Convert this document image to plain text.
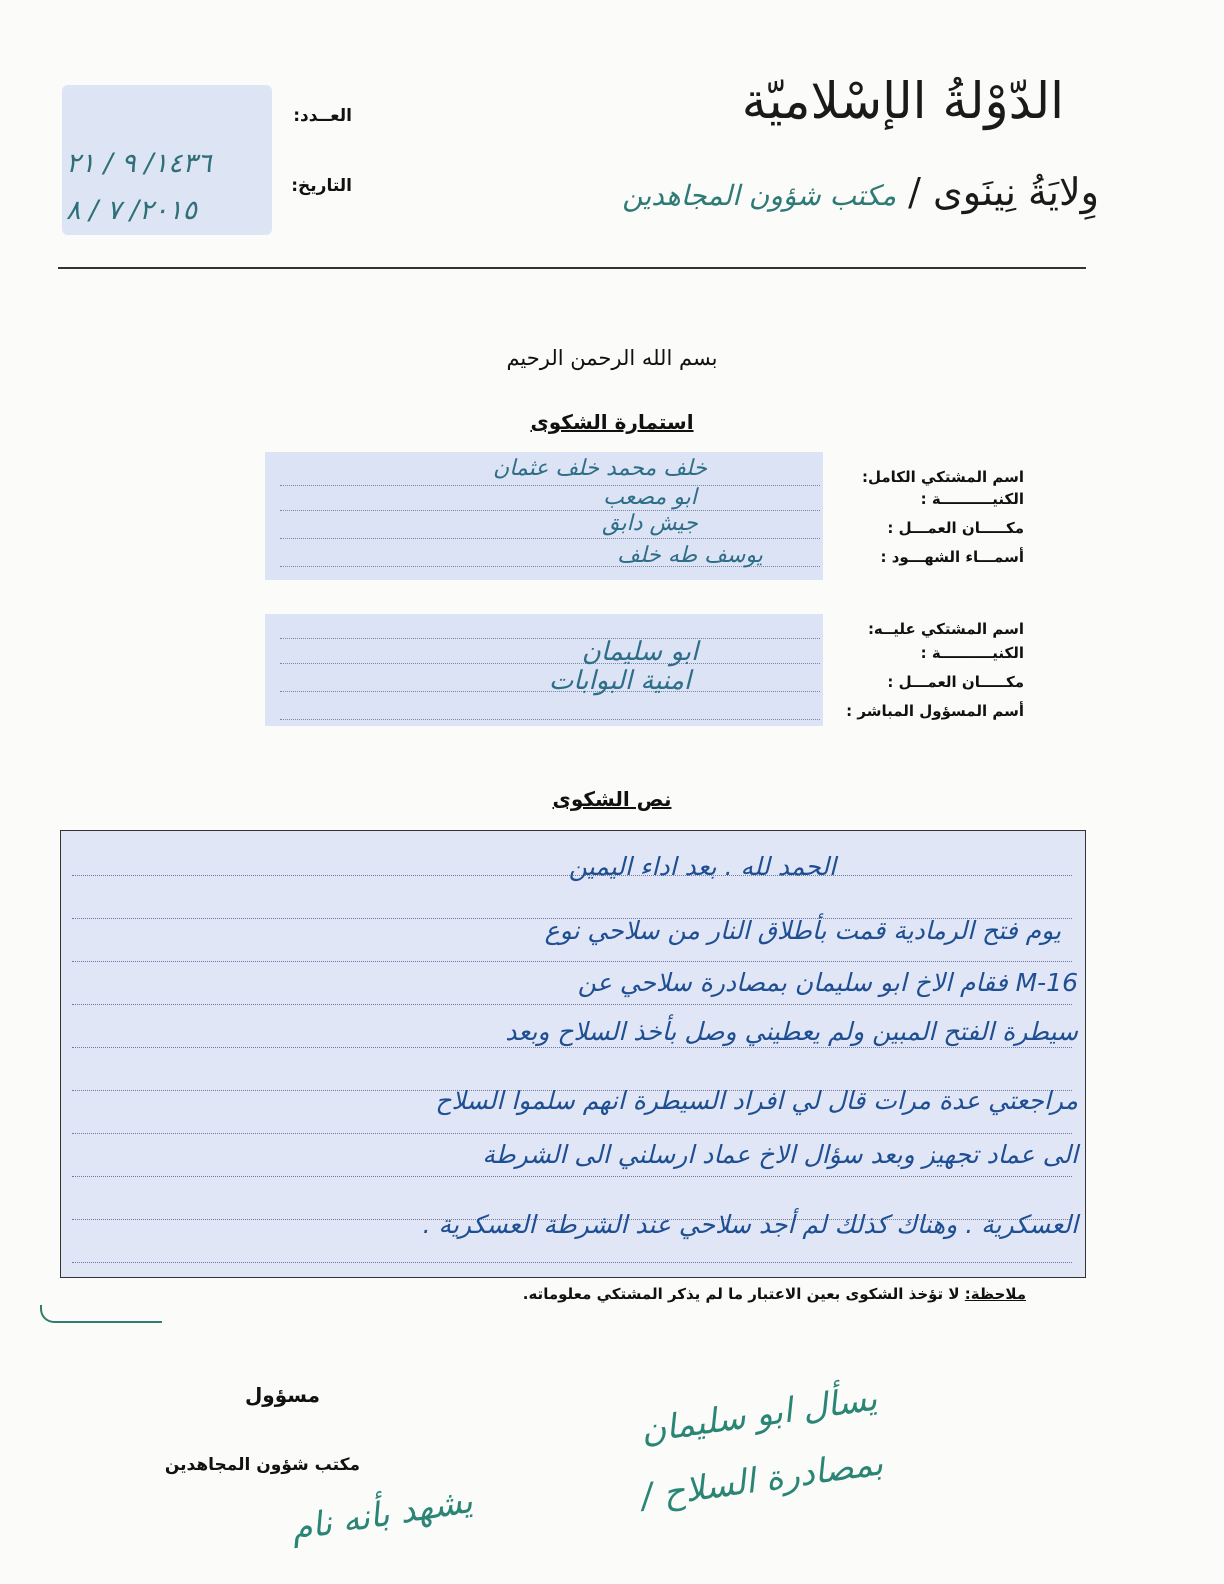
الدّوْلةُ الإسْلاميّة
وِلايَةُ نِينَوى / مكتب شؤون المجاهدين
العــدد:
التاريخ:
١٤٣٦/ ٩ / ٢١
٢٠١٥/ ٧ / ٨
بسم الله الرحمن الرحيم
استمارة الشكوى
اسم المشتكي الكامل:
الكنيــــــــــة :
مكـــــان العمـــل :
أسمـــاء الشهـــود :
خلف محمد خلف عثمان
ابو مصعب
جيش دابق
يوسف طه خلف
اسم المشتكي عليــه:
الكنيــــــــــة :
مكـــــان العمـــل :
أسم المسؤول المباشر :
ابو سليمان
امنية البوابات
نص الشكوى
الحمد لله . بعد اداء اليمين
يوم فتح الرمادية قمت بأطلاق النار من سلاحي نوع
M-16 فقام الاخ ابو سليمان بمصادرة سلاحي عن
سيطرة الفتح المبين ولم يعطيني وصل بأخذ السلاح وبعد
مراجعتي عدة مرات قال لي افراد السيطرة انهم سلموا السلاح
الى عماد تجهيز وبعد سؤال الاخ عماد ارسلني الى الشرطة
العسكرية . وهناك كذلك لم أجد سلاحي عند الشرطة العسكرية .
ملاحظة: لا تؤخذ الشكوى بعين الاعتبار ما لم يذكر المشتكي معلوماته.
مسؤول
مكتب شؤون المجاهدين
يسأل ابو سليمان
بمصادرة السلاح /
يشهد بأنه نام
